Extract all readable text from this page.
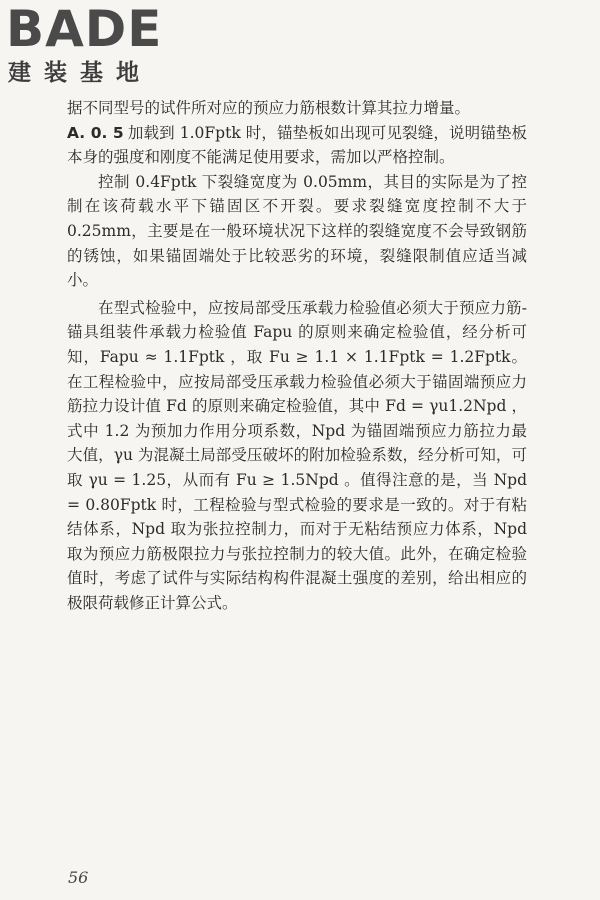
BADE
建装基地

据不同型号的试件所对应的预应力筋根数计算其拉力增量。

A. 0. 5 加载到 1.0Fptk 时，锚垫板如出现可见裂缝，说明锚垫板本身的强度和刚度不能满足使用要求，需加以严格控制。

控制 0.4Fptk 下裂缝宽度为 0.05mm，其目的实际是为了控制在该荷载水平下锚固区不开裂。要求裂缝宽度控制不大于 0.25mm，主要是在一般环境状况下这样的裂缝宽度不会导致钢筋的锈蚀，如果锚固端处于比较恶劣的环境，裂缝限制值应适当减小。

在型式检验中，应按局部受压承载力检验值必须大于预应力筋-锚具组装件承载力检验值 Fapu 的原则来确定检验值，经分析可知，Fapu ≈ 1.1Fptk ，取 Fu ≥ 1.1 × 1.1Fptk = 1.2Fptk。在工程检验中，应按局部受压承载力检验值必须大于锚固端预应力筋拉力设计值 Fd 的原则来确定检验值，其中 Fd = γu1.2Npd ，式中 1.2 为预加力作用分项系数，Npd 为锚固端预应力筋拉力最大值，γu 为混凝土局部受压破坏的附加检验系数，经分析可知，可取 γu = 1.25，从而有 Fu ≥ 1.5Npd 。值得注意的是，当 Npd = 0.80Fptk 时，工程检验与型式检验的要求是一致的。对于有粘结体系，Npd 取为张拉控制力，而对于无粘结预应力体系，Npd 取为预应力筋极限拉力与张拉控制力的较大值。此外，在确定检验值时，考虑了试件与实际结构构件混凝土强度的差别，给出相应的极限荷载修正计算公式。

56
